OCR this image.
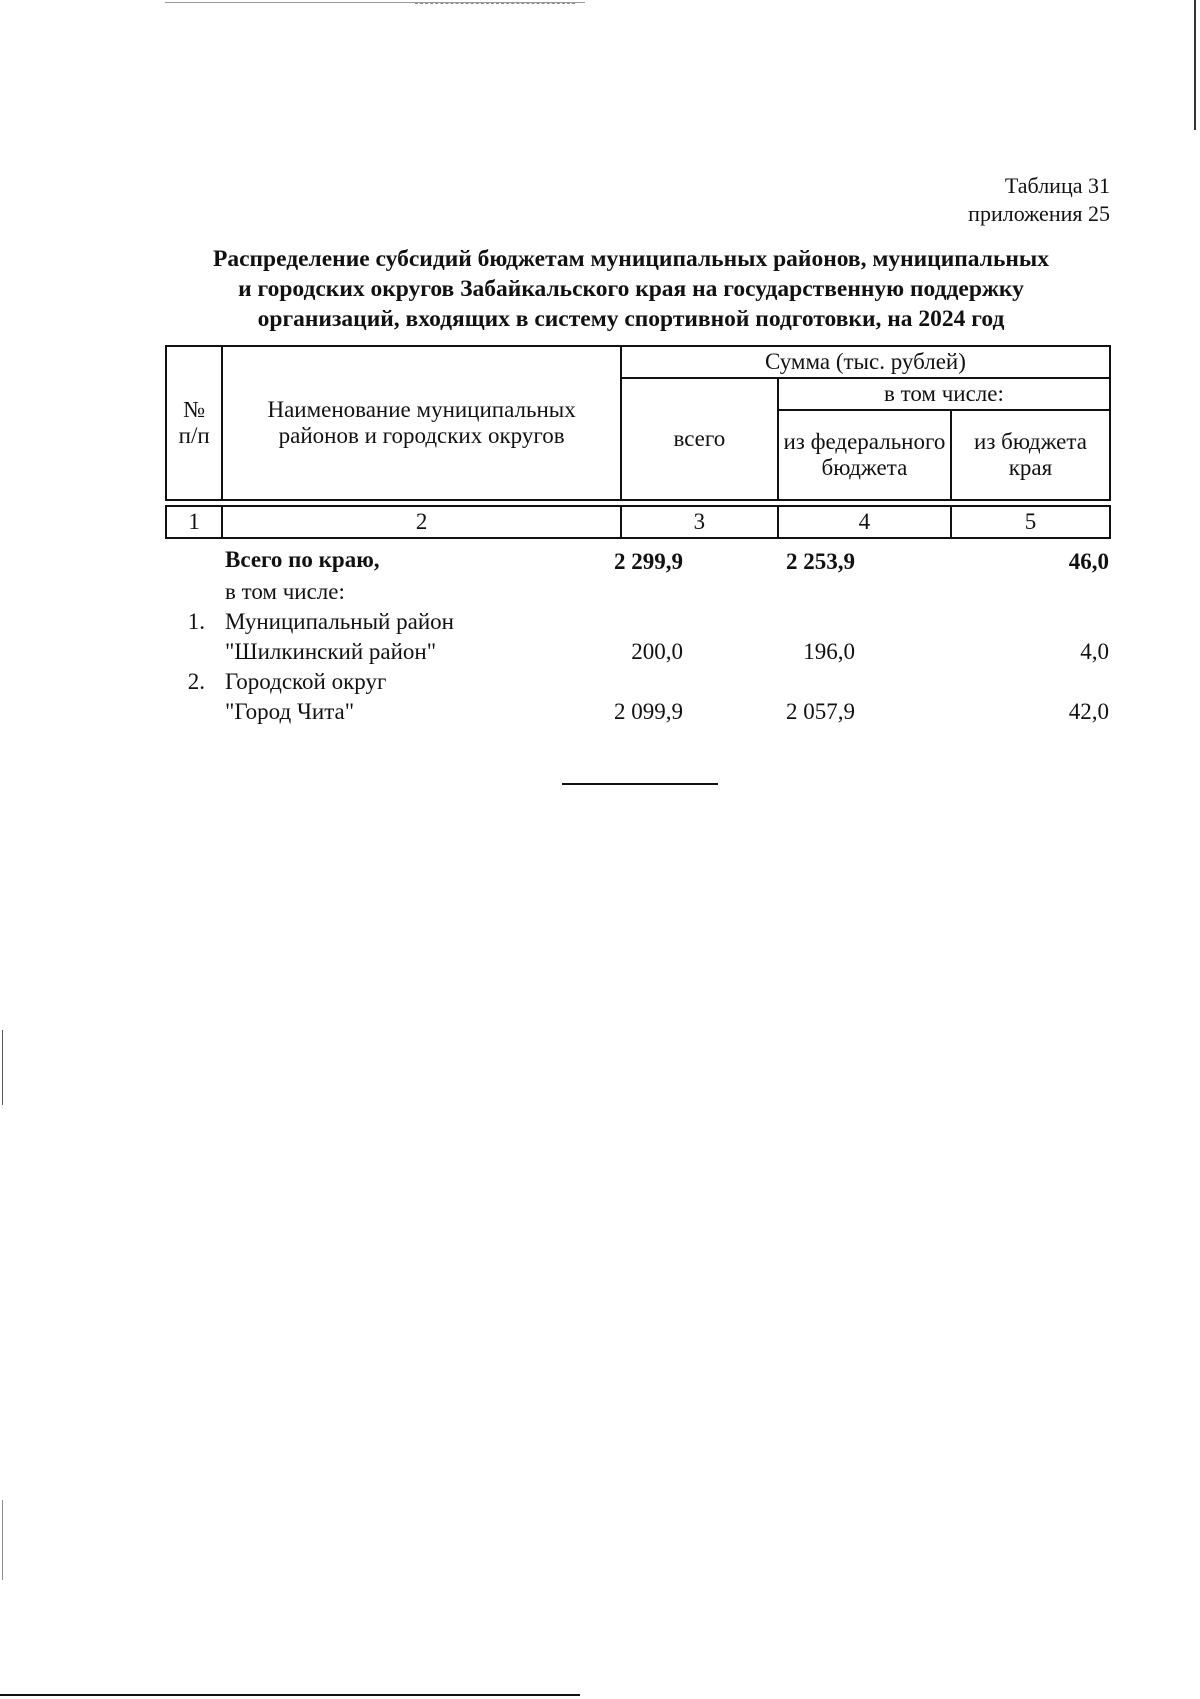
Таблица 31
приложения 25
Распределение субсидий бюджетам муниципальных районов, муниципальных
и городских округов Забайкальского края на государственную поддержку
организаций, входящих в систему спортивной подготовки, на 2024 год
№ п/п	Наименование муниципальных районов и городских округов	Сумма (тыс. рублей)		
		всего	в том числе:	
			из федерального бюджета	из бюджета края

1	2	3	4	5
Всего по краю,	2 299,9	2 253,9	46,0
в том числе:
1. Муниципальный район
"Шилкинский район"	200,0	196,0	4,0
2. Городской округ
"Город Чита"	2 099,9	2 057,9	42,0
